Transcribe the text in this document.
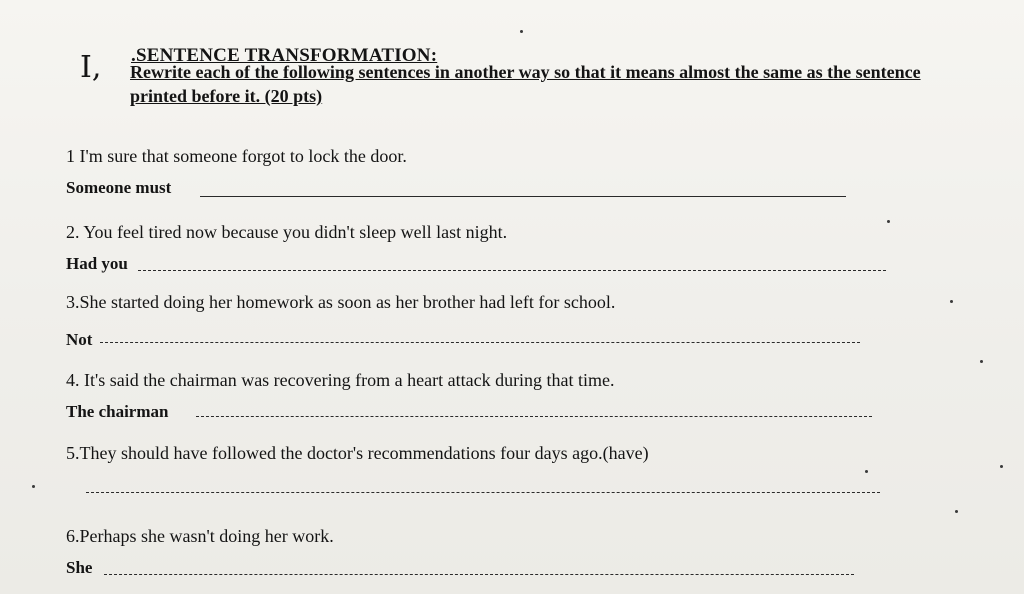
I, .SENTENCE TRANSFORMATION:
Rewrite each of the following sentences in another way so that it means almost the same as the sentence printed before it. (20 pts)
1 I'm sure that someone forgot to lock the door.
Someone must
2. You feel tired now because you didn't sleep well last night.
Had you
3.She started doing her homework as soon as her brother had left for school.
Not
4. It's said the chairman was recovering from a heart attack during that time.
The chairman
5.They should have followed the doctor's recommendations four days ago.(have)
6.Perhaps she wasn't doing her work.
She
